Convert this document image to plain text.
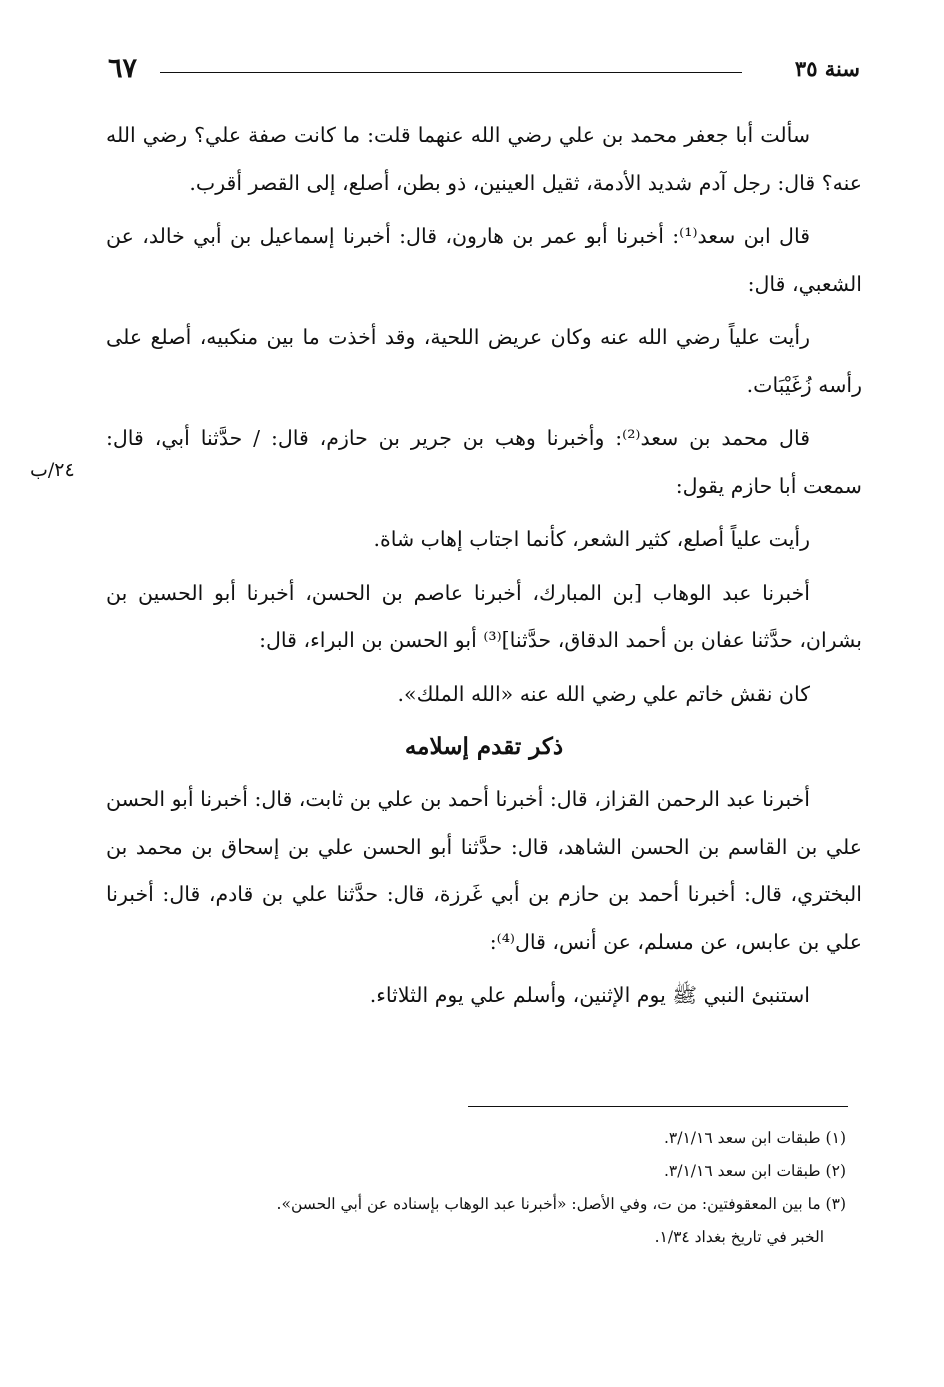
٦٧	سنة ٣٥
٢٤/ب

سألت أبا جعفر محمد بن علي رضي الله عنهما قلت: ما كانت صفة علي؟ رضي الله عنه؟ قال: رجل آدم شديد الأدمة، ثقيل العينين، ذو بطن، أصلع، إلى القصر أقرب.

قال ابن سعد⁽¹⁾: أخبرنا أبو عمر بن هارون، قال: أخبرنا إسماعيل بن أبي خالد، عن الشعبي، قال:

رأيت علياً رضي الله عنه وكان عريض اللحية، وقد أخذت ما بين منكبيه، أصلع على رأسه زُغَيْبَات.

قال محمد بن سعد⁽²⁾: وأخبرنا وهب بن جرير بن حازم، قال: / حدَّثنا أبي، قال: سمعت أبا حازم يقول:

رأيت علياً أصلع، كثير الشعر، كأنما اجتاب إهاب شاة.

أخبرنا عبد الوهاب [بن المبارك، أخبرنا عاصم بن الحسن، أخبرنا أبو الحسين بن بشران، حدَّثنا عفان بن أحمد الدقاق، حدَّثنا]⁽³⁾ أبو الحسن بن البراء، قال:

كان نقش خاتم علي رضي الله عنه «الله الملك».

ذكر تقدم إسلامه

أخبرنا عبد الرحمن القزاز، قال: أخبرنا أحمد بن علي بن ثابت، قال: أخبرنا أبو الحسن علي بن القاسم بن الحسن الشاهد، قال: حدَّثنا أبو الحسن علي بن إسحاق بن محمد بن البختري، قال: أخبرنا أحمد بن حازم بن أبي غَرزة، قال: حدَّثنا علي بن قادم، قال: أخبرنا علي بن عابس، عن مسلم، عن أنس، قال⁽⁴⁾:

استنبئ النبي ﷺ يوم الإثنين، وأسلم علي يوم الثلاثاء.

(١) طبقات ابن سعد ٣/١/١٦.

(٢) طبقات ابن سعد ٣/١/١٦.

(٣) ما بين المعقوفتين: من ت، وفي الأصل: «أخبرنا عبد الوهاب بإسناده عن أبي الحسن».

الخبر في تاريخ بغداد ١/٣٤.
